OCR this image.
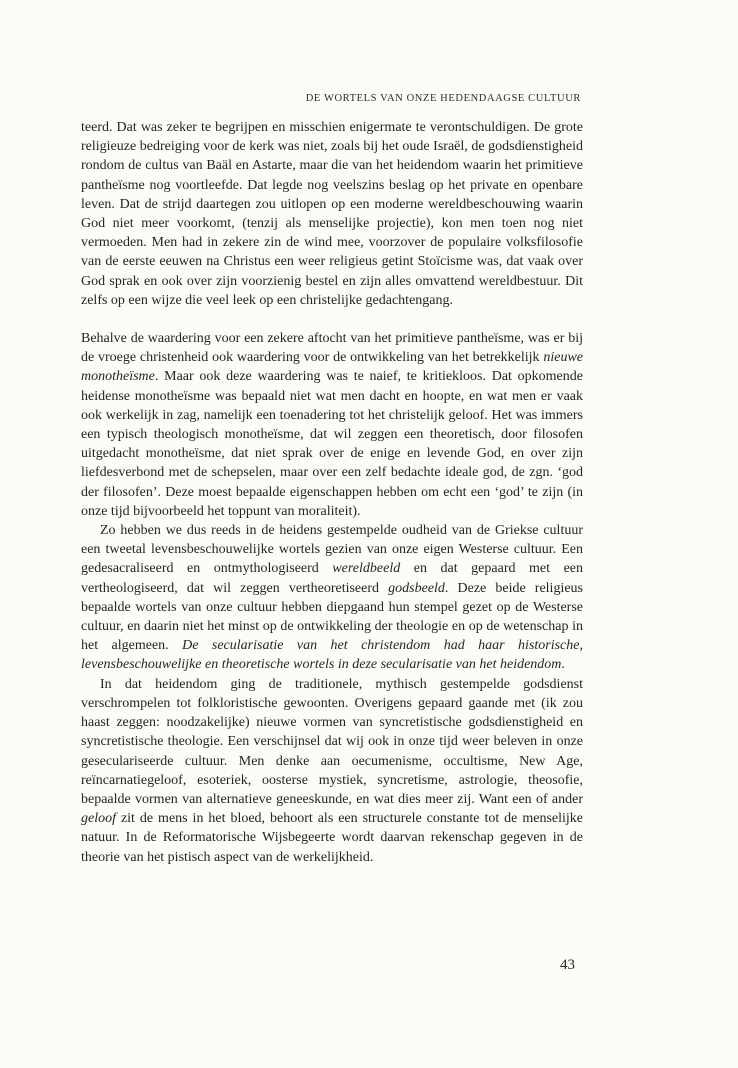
DE WORTELS VAN ONZE HEDENDAAGSE CULTUUR

teerd. Dat was zeker te begrijpen en misschien enigermate te verontschuldigen. De grote religieuze bedreiging voor de kerk was niet, zoals bij het oude Israël, de godsdienstigheid rondom de cultus van Baäl en Astarte, maar die van het heidendom waarin het primitieve pantheïsme nog voortleefde. Dat legde nog veelszins beslag op het private en openbare leven. Dat de strijd daartegen zou uitlopen op een moderne wereldbeschouwing waarin God niet meer voorkomt, (tenzij als menselijke projectie), kon men toen nog niet vermoeden. Men had in zekere zin de wind mee, voorzover de populaire volksfilosofie van de eerste eeuwen na Christus een weer religieus getint Stoïcisme was, dat vaak over God sprak en ook over zijn voorzienig bestel en zijn alles omvattend wereldbestuur. Dit zelfs op een wijze die veel leek op een christelijke gedachtengang.

Behalve de waardering voor een zekere aftocht van het primitieve pantheïsme, was er bij de vroege christenheid ook waardering voor de ontwikkeling van het betrekkelijk nieuwe monotheïsme. Maar ook deze waardering was te naief, te kritiekloos. Dat opkomende heidense monotheïsme was bepaald niet wat men dacht en hoopte, en wat men er vaak ook werkelijk in zag, namelijk een toenadering tot het christelijk geloof. Het was immers een typisch theologisch monotheïsme, dat wil zeggen een theoretisch, door filosofen uitgedacht monotheïsme, dat niet sprak over de enige en levende God, en over zijn liefdesverbond met de schepselen, maar over een zelf bedachte ideale god, de zgn. ‘god der filosofen’. Deze moest bepaalde eigenschappen hebben om echt een ‘god’ te zijn (in onze tijd bijvoorbeeld het toppunt van moraliteit).

Zo hebben we dus reeds in de heidens gestempelde oudheid van de Griekse cultuur een tweetal levensbeschouwelijke wortels gezien van onze eigen Westerse cultuur. Een gedesacraliseerd en ontmythologiseerd wereldbeeld en dat gepaard met een vertheologiseerd, dat wil zeggen vertheoretiseerd godsbeeld. Deze beide religieus bepaalde wortels van onze cultuur hebben diepgaand hun stempel gezet op de Westerse cultuur, en daarin niet het minst op de ontwikkeling der theologie en op de wetenschap in het algemeen. De secularisatie van het christendom had haar historische, levensbeschouwelijke en theoretische wortels in deze secularisatie van het heidendom.

In dat heidendom ging de traditionele, mythisch gestempelde godsdienst verschrompelen tot folkloristische gewoonten. Overigens gepaard gaande met (ik zou haast zeggen: noodzakelijke) nieuwe vormen van syncretistische godsdienstigheid en syncretistische theologie. Een verschijnsel dat wij ook in onze tijd weer beleven in onze geseculariseerde cultuur. Men denke aan oecumenisme, occultisme, New Age, reïncarnatiegeloof, esoteriek, oosterse mystiek, syncretisme, astrologie, theosofie, bepaalde vormen van alternatieve geneeskunde, en wat dies meer zij. Want een of ander geloof zit de mens in het bloed, behoort als een structurele constante tot de menselijke natuur. In de Reformatorische Wijsbegeerte wordt daarvan rekenschap gegeven in de theorie van het pistisch aspect van de werkelijkheid.

43
